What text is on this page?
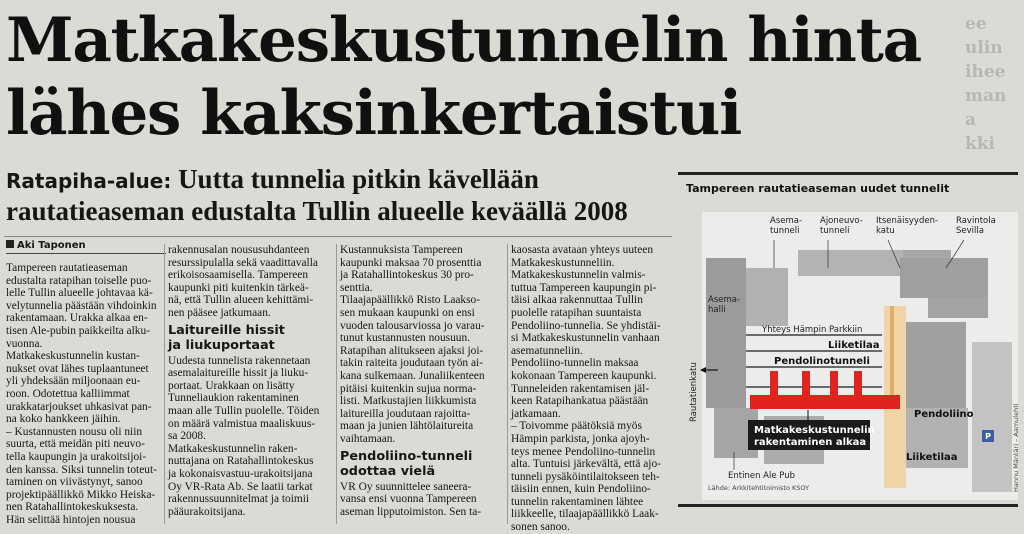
Matkakeskustunnelin hinta
lähes kaksinkertaistui
ee
ulin
ihee
man
a
kki
Ratapiha-alue: Uutta tunnelia pitkin kävellään
rautatieaseman edustalta Tullin alueelle keväällä 2008
Aki Taponen

Tampereen rautatieaseman
edustalta ratapihan toiselle puo-
lelle Tullin alueelle johtavaa kä-
velytunnelia päästään vihdoinkin
rakentamaan. Urakka alkaa en-
tisen Ale-pubin paikkeilta alku-
vuonna.

Matkakeskustunnelin kustan-
nukset ovat lähes tuplaantuneet
yli yhdeksään miljoonaan eu-
roon. Odotettua kalliimmat
urakkatarjoukset uhkasivat pan-
na koko hankkeen jäihin.

– Kustannusten nousu oli niin
suurta, että meidän piti neuvo-
tella kaupungin ja urakoitsijoi-
den kanssa. Siksi tunnelin toteut-
taminen on viivästynyt, sanoo
projektipäällikkö Mikko Heiska-
nen Ratahallintokeskuksesta.
Hän selittää hintojen nousua

rakennusalan noususuhdanteen
resurssipulalla sekä vaadittavalla
erikoisosaamisella. Tampereen
kaupunki piti kuitenkin tärkeä-
nä, että Tullin alueen kehittämi-
nen pääsee jatkumaan.

Laitureille hissit
ja liukuportaat

Uudesta tunnelista rakennetaan
asemalaitureille hissit ja liuku-
portaat. Urakkaan on lisätty
Tunneliaukion rakentaminen
maan alle Tullin puolelle. Töiden
on määrä valmistua maaliskuus-
sa 2008.

Matkakeskustunnelin raken-
nuttajana on Ratahallintokeskus
ja kokonaisvastuu-urakoitsijana
Oy VR-Rata Ab. Se laatii tarkat
rakennussuunnitelmat ja toimii
pääurakoitsijana.

Kustannuksista Tampereen
kaupunki maksaa 70 prosenttia
ja Ratahallintokeskus 30 pro-
senttia.

Tilaajapäällikkö Risto Laakso-
sen mukaan kaupunki on ensi
vuoden talousarviossa jo varau-
tunut kustannusten nousuun.

Ratapihan alitukseen ajaksi joi-
takin raiteita joudutaan työn ai-
kana sulkemaan. Junaliikenteen
pitäisi kuitenkin sujua norma-
listi. Matkustajien liikkumista
laitureilla joudutaan rajoitta-
maan ja junien lähtölaitureita
vaihtamaan.

Pendoliino-tunneli
odottaa vielä

VR Oy suunnittelee saneera-
vansa ensi vuonna Tampereen
aseman lipputoimiston. Sen ta-

kaosasta avataan yhteys uuteen
Matkakeskustunneliin.

Matkakeskustunnelin valmis-
tuttua Tampereen kaupungin pi-
täisi alkaa rakennuttaa Tullin
puolelle ratapihan suuntaista
Pendoliino-tunnelia. Se yhdistäi-
si Matkakeskustunnelin vanhaan
asematunneliin.

Pendoliino-tunnelin maksaa
kokonaan Tampereen kaupunki.
Tunneleiden rakentamisen jäl-
keen Ratapihankatua päästään
jatkamaan.

– Toivomme päätöksiä myös
Hämpin parkista, jonka ajoyh-
teys menee Pendoliino-tunnelin
alta. Tuntuisi järkevältä, että ajo-
tunneli pysäköintilaitokseen teh-
täisiin ennen, kuin Pendoliino-
tunnelin rakentaminen lähtee
liikkeelle, tilaajapäällikkö Laak-
sonen sanoo.

Tampereen rautatieaseman uudet tunnelit
P
Asema-tunneli
Ajoneuvo-tunneli
Itsenäisyyden-katu
Ravintola Sevilla
Asema-halli
Yhteys Hämpin Parkkiin
Liiketilaa
Pendolinotunneli
Pendoliino
Matkakeskustunnelin rakentaminen alkaa
Liiketilaa
Entinen Ale Pub
Lähde: Arkkitehtitoimisto KSOY
Rautatienkatu
Hannu Mäntäri – Aamulehti
